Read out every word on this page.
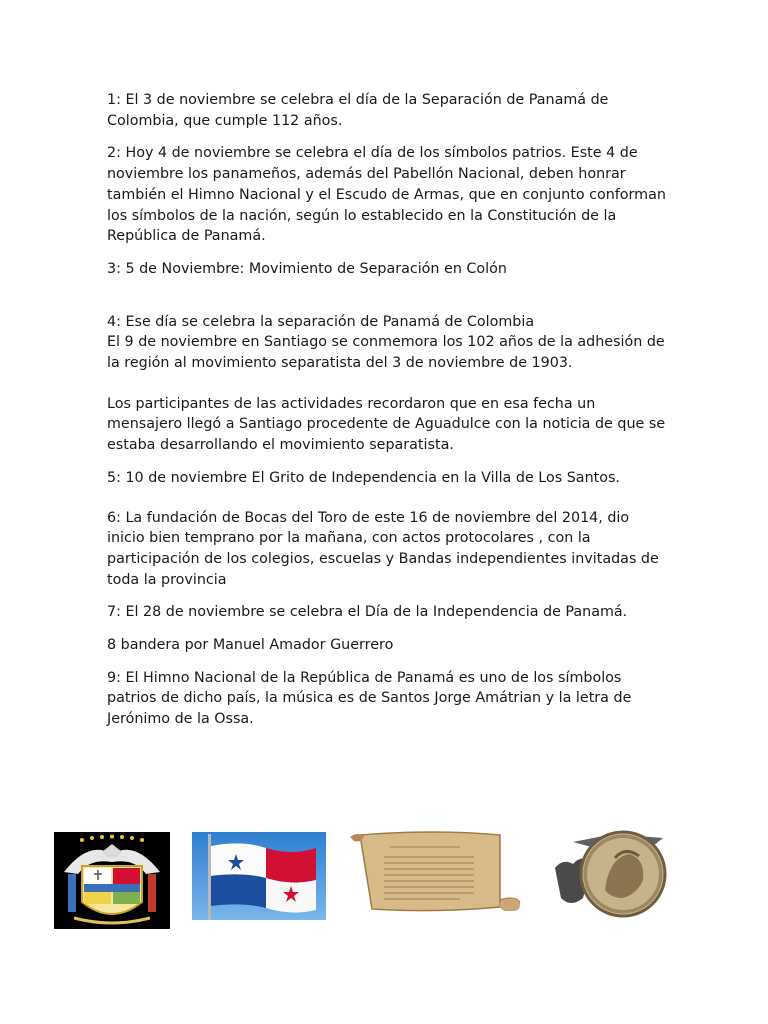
1: El 3 de noviembre se celebra el día de la Separación de Panamá de Colombia, que cumple 112 años.

2: Hoy 4 de noviembre se celebra el día de los símbolos patrios. Este 4 de noviembre los panameños, además del Pabellón Nacional, deben honrar también el Himno Nacional y el Escudo de Armas, que en conjunto conforman los símbolos de la nación, según lo establecido en la Constitución de la República de Panamá.

3: 5 de Noviembre: Movimiento de Separación en Colón

4: Ese día se celebra la separación de Panamá de Colombia

El 9 de noviembre en Santiago se conmemora los 102 años de la adhesión de la región al movimiento separatista del 3 de noviembre de 1903.

Los participantes de las actividades recordaron que en esa fecha un mensajero llegó a Santiago procedente de Aguadulce con la noticia de que se estaba desarrollando el movimiento separatista.

5: 10 de noviembre El Grito de Independencia en la Villa de Los Santos.

6: La fundación de Bocas del Toro de este 16 de noviembre del 2014, dio inicio bien temprano por la mañana, con actos protocolares , con la participación de los colegios, escuelas y Bandas independientes invitadas de toda la provincia

7: El 28 de noviembre se celebra el Día de la Independencia de Panamá.

8 bandera por Manuel Amador Guerrero

9: El Himno Nacional de la República de Panamá es uno de los símbolos patrios de dicho país, la música es de Santos Jorge Amátrian y la letra de Jerónimo de la Ossa.
